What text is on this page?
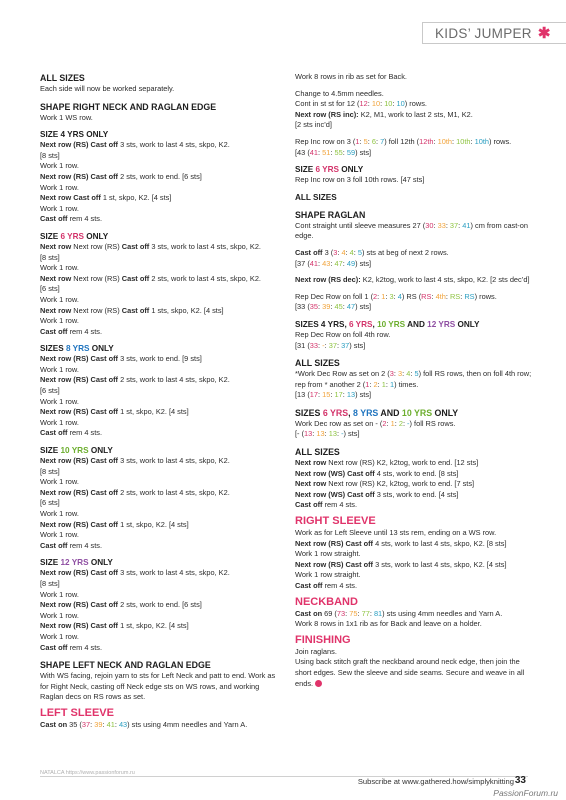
KIDS’ JUMPER ✱

ALL SIZES

Each side will now be worked separately.

SHAPE RIGHT NECK AND RAGLAN EDGE

Work 1 WS row.

SIZE 4 YRS ONLY

Next row (RS) Cast off 3 sts, work to last 4 sts, skpo, K2.

[8 sts]

Work 1 row.

Next row (RS) Cast off 2 sts, work to end. [6 sts]

Work 1 row.

Next row Cast off 1 st, skpo, K2. [4 sts]

Work 1 row.

Cast off rem 4 sts.

SIZE 6 YRS ONLY

Next row Next row (RS) Cast off 3 sts, work to last 4 sts, skpo, K2.

[8 sts]

Work 1 row.

Next row Next row (RS) Cast off 2 sts, work to last 4 sts, skpo, K2.

[6 sts]

Work 1 row.

Next row Next row (RS) Cast off 1 sts, skpo, K2. [4 sts]

Work 1 row.

Cast off rem 4 sts.

SIZES 8 YRS ONLY

Next row (RS) Cast off 3 sts, work to end. [9 sts]

Work 1 row.

Next row (RS) Cast off 2 sts, work to last 4 sts, skpo, K2.

[6 sts]

Work 1 row.

Next row (RS) Cast off 1 st, skpo, K2. [4 sts]

Work 1 row.

Cast off rem 4 sts.

SIZE 10 YRS ONLY

Next row (RS) Cast off 3 sts, work to last 4 sts, skpo, K2.

[8 sts]

Work 1 row.

Next row (RS) Cast off 2 sts, work to last 4 sts, skpo, K2.

[6 sts]

Work 1 row.

Next row (RS) Cast off 1 st, skpo, K2. [4 sts]

Work 1 row.

Cast off rem 4 sts.

SIZE 12 YRS ONLY

Next row (RS) Cast off 3 sts, work to last 4 sts, skpo, K2.

[8 sts]

Work 1 row.

Next row (RS) Cast off 2 sts, work to end. [6 sts]

Work 1 row.

Next row (RS) Cast off 1 st, skpo, K2. [4 sts]

Work 1 row.

Cast off rem 4 sts.

SHAPE LEFT NECK AND RAGLAN EDGE

With WS facing, rejoin yarn to sts for Left Neck and patt to end. Work as for Right Neck, casting off Neck edge sts on WS rows, and working Raglan decs on RS rows as set.

LEFT SLEEVE

Cast on 35 (37: 39: 41: 43) sts using 4mm needles and Yarn A.

Work 8 rows in rib as set for Back.

Change to 4.5mm needles.

Cont in st st for 12 (12: 10: 10: 10) rows.

Next row (RS inc): K2, M1, work to last 2 sts, M1, K2.

[2 sts inc’d]

Rep Inc row on 3 (1: 5: 6: 7) foll 12th (12th: 10th: 10th: 10th) rows.

[43 (41: 51: 55: 59) sts]

SIZE 6 YRS ONLY

Rep Inc row on 3 foll 10th rows. [47 sts]

ALL SIZES

SHAPE RAGLAN

Cont straight until sleeve measures 27 (30: 33: 37: 41) cm from cast-on edge.

Cast off 3 (3: 4: 4: 5) sts at beg of next 2 rows.

[37 (41: 43: 47: 49) sts]

Next row (RS dec): K2, k2tog, work to last 4 sts, skpo, K2. [2 sts dec’d]

Rep Dec Row on foll 1 (2: 1: 3: 4) RS (RS: 4th: RS: RS) rows.

[33 (35: 39: 45: 47) sts]

SIZES 4 YRS, 6 YRS, 10 YRS AND 12 YRS ONLY

Rep Dec Row on foll 4th row.

[31 (33: -: 37: 37) sts]

ALL SIZES

*Work Dec Row as set on 2 (3: 3: 4: 5) foll RS rows, then on foll 4th row; rep from * another 2 (1: 2: 1: 1) times.

[13 (17: 15: 17: 13) sts]

SIZES 6 YRS, 8 YRS AND 10 YRS ONLY

Work Dec row as set on - (2: 1: 2: -) foll RS rows.

[- (13: 13: 13: -) sts]

ALL SIZES

Next row Next row (RS) K2, k2tog, work to end. [12 sts]

Next row (WS) Cast off 4 sts, work to end. [8 sts]

Next row Next row (RS) K2, k2tog, work to end. [7 sts]

Next row (WS) Cast off 3 sts, work to end. [4 sts]

Cast off rem 4 sts.

RIGHT SLEEVE

Work as for Left Sleeve until 13 sts rem, ending on a WS row.

Next row (RS) Cast off 4 sts, work to last 4 sts, skpo, K2. [8 sts]

Work 1 row straight.

Next row (RS) Cast off 3 sts, work to last 4 sts, skpo, K2. [4 sts]

Work 1 row straight.

Cast off rem 4 sts.

NECKBAND

Cast on 69 (73: 75: 77: 81) sts using 4mm needles and Yarn A.

Work 8 rows in 1x1 rib as for Back and leave on a holder.

FINISHING

Join raglans.

Using back stitch graft the neckband around neck edge, then join the short edges. Sew the sleeve and side seams. Secure and weave in all ends.

NATALCA https://www.passionforum.ru
Subscribe at www.gathered.how/simplyknitting 33
PassionForum.ru
